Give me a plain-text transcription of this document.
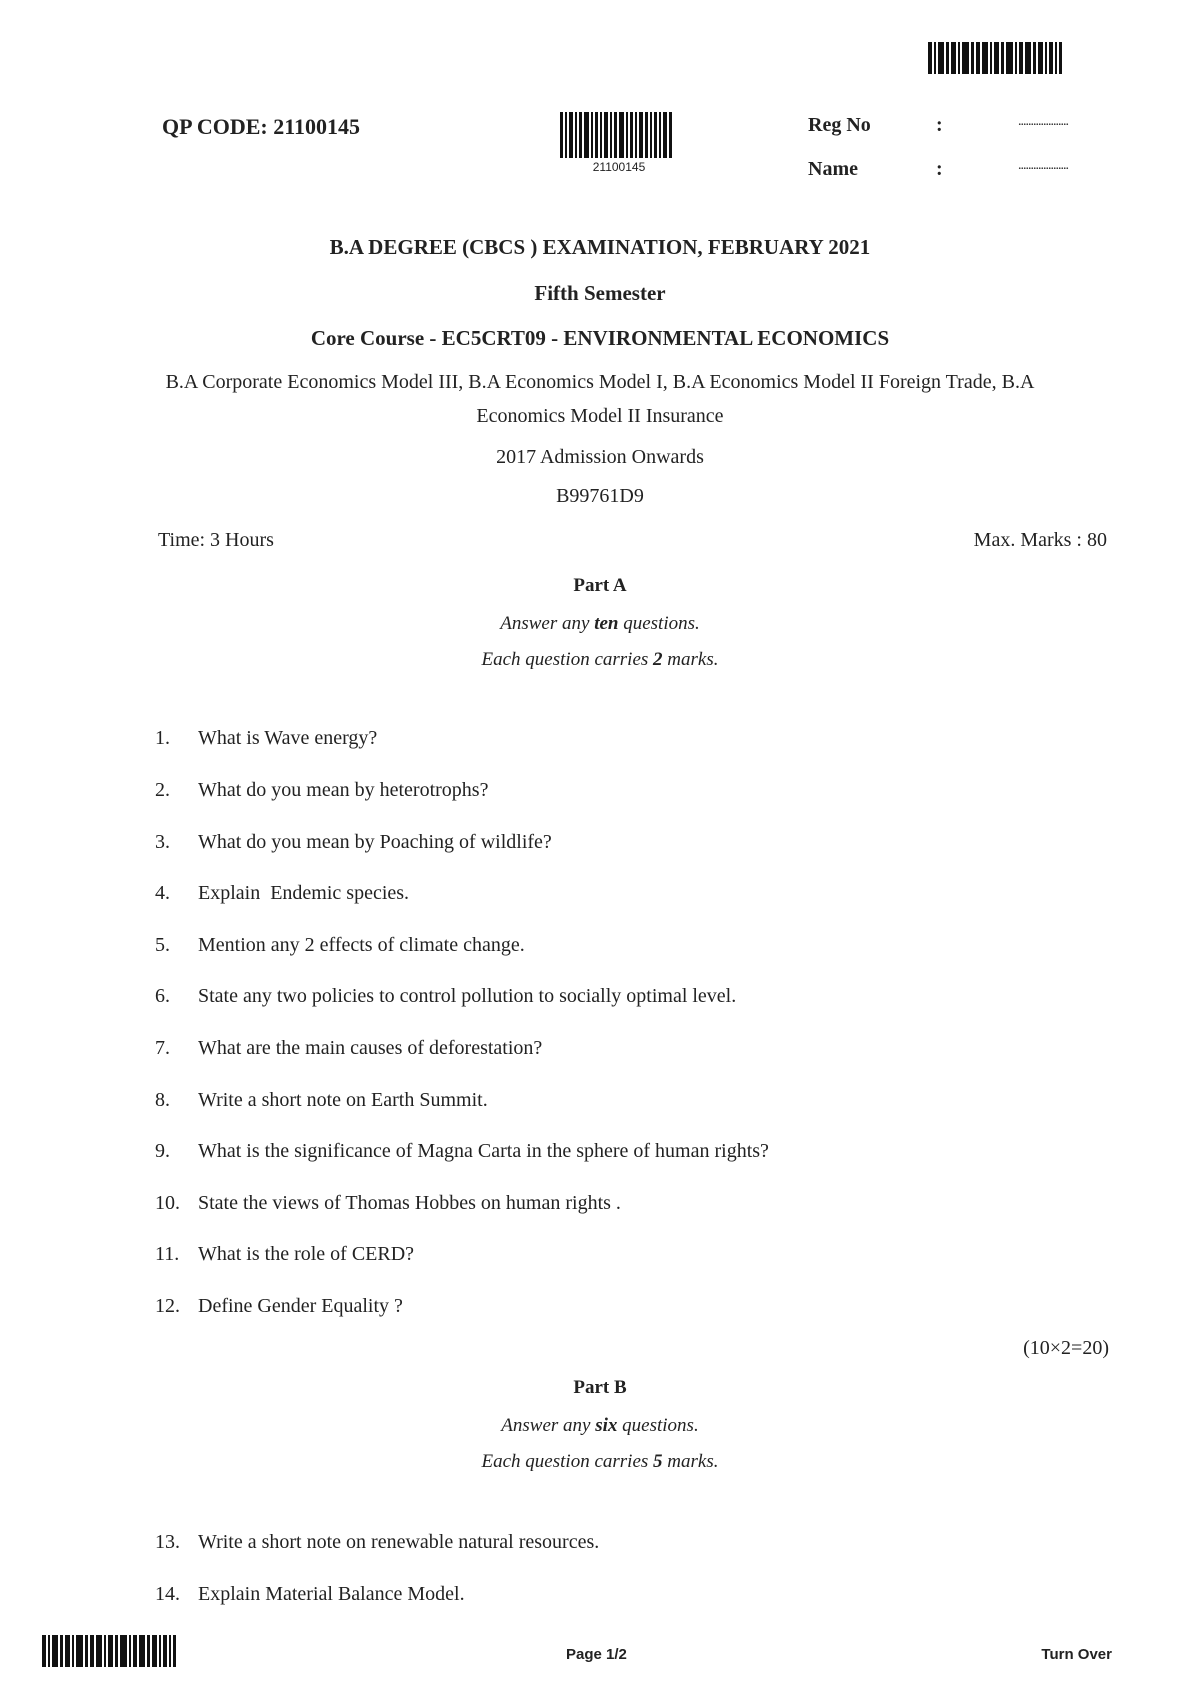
QP CODE: 21100145
21100145
Reg No	:	....................
Name	:	....................
B.A DEGREE (CBCS ) EXAMINATION, FEBRUARY 2021
Fifth Semester
Core Course - EC5CRT09 - ENVIRONMENTAL ECONOMICS
B.A Corporate Economics Model III, B.A Economics Model I, B.A Economics Model II Foreign Trade, B.A
Economics Model II Insurance
2017 Admission Onwards
B99761D9
Time: 3 Hours	Max. Marks : 80
Part A
Answer any ten questions.
Each question carries 2 marks.
1. What is Wave energy?
2. What do you mean by heterotrophs?
3. What do you mean by Poaching of wildlife?
4. Explain  Endemic species.
5. Mention any 2 effects of climate change.
6. State any two policies to control pollution to socially optimal level.
7. What are the main causes of deforestation?
8. Write a short note on Earth Summit.
9. What is the significance of Magna Carta in the sphere of human rights?
10. State the views of Thomas Hobbes on human rights .
11. What is the role of CERD?
12. Define Gender Equality ?
(10×2=20)
Part B
Answer any six questions.
Each question carries 5 marks.
13. Write a short note on renewable natural resources.
14. Explain Material Balance Model.
Page 1/2	Turn Over
